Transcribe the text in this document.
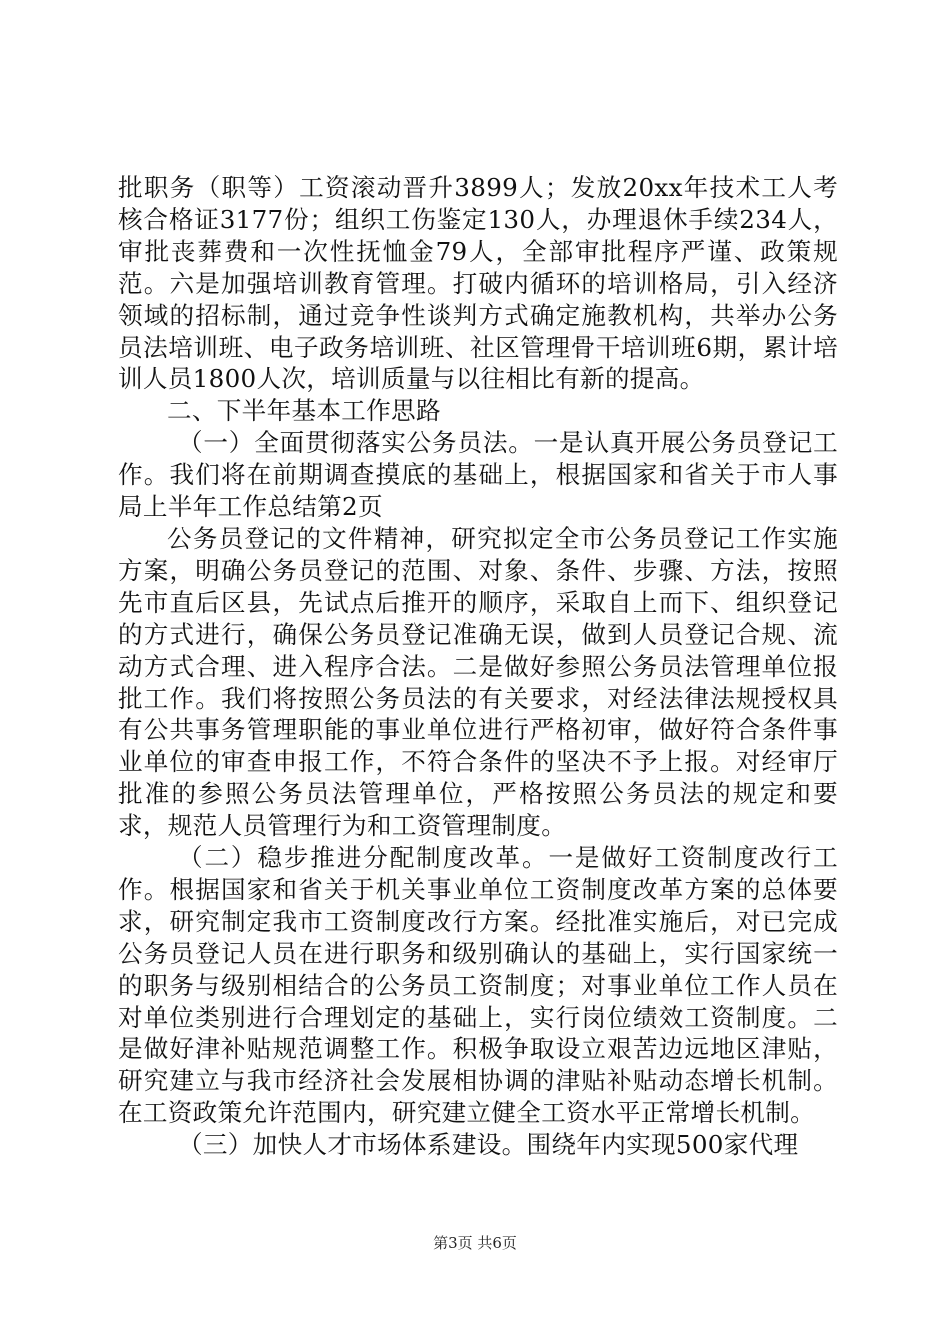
批职务（职等）工资滚动晋升3899人；发放20xx年技术工人考核合格证3177份；组织工伤鉴定130人，办理退休手续234人，审批丧葬费和一次性抚恤金79人，全部审批程序严谨、政策规范。六是加强培训教育管理。打破内循环的培训格局，引入经济领域的招标制，通过竞争性谈判方式确定施教机构，共举办公务员法培训班、电子政务培训班、社区管理骨干培训班6期，累计培训人员1800人次，培训质量与以往相比有新的提高。

二、下半年基本工作思路

（一）全面贯彻落实公务员法。一是认真开展公务员登记工作。我们将在前期调查摸底的基础上，根据国家和省关于市人事局上半年工作总结第2页

公务员登记的文件精神，研究拟定全市公务员登记工作实施方案，明确公务员登记的范围、对象、条件、步骤、方法，按照先市直后区县，先试点后推开的顺序，采取自上而下、组织登记的方式进行，确保公务员登记准确无误，做到人员登记合规、流动方式合理、进入程序合法。二是做好参照公务员法管理单位报批工作。我们将按照公务员法的有关要求，对经法律法规授权具有公共事务管理职能的事业单位进行严格初审，做好符合条件事业单位的审查申报工作，不符合条件的坚决不予上报。对经审厅批准的参照公务员法管理单位，严格按照公务员法的规定和要求，规范人员管理行为和工资管理制度。

（二）稳步推进分配制度改革。一是做好工资制度改行工作。根据国家和省关于机关事业单位工资制度改革方案的总体要求，研究制定我市工资制度改行方案。经批准实施后，对已完成公务员登记人员在进行职务和级别确认的基础上，实行国家统一的职务与级别相结合的公务员工资制度；对事业单位工作人员在对单位类别进行合理划定的基础上，实行岗位绩效工资制度。二是做好津补贴规范调整工作。积极争取设立艰苦边远地区津贴，研究建立与我市经济社会发展相协调的津贴补贴动态增长机制。在工资政策允许范围内，研究建立健全工资水平正常增长机制。

（三）加快人才市场体系建设。围绕年内实现500家代理

第3页 共6页
